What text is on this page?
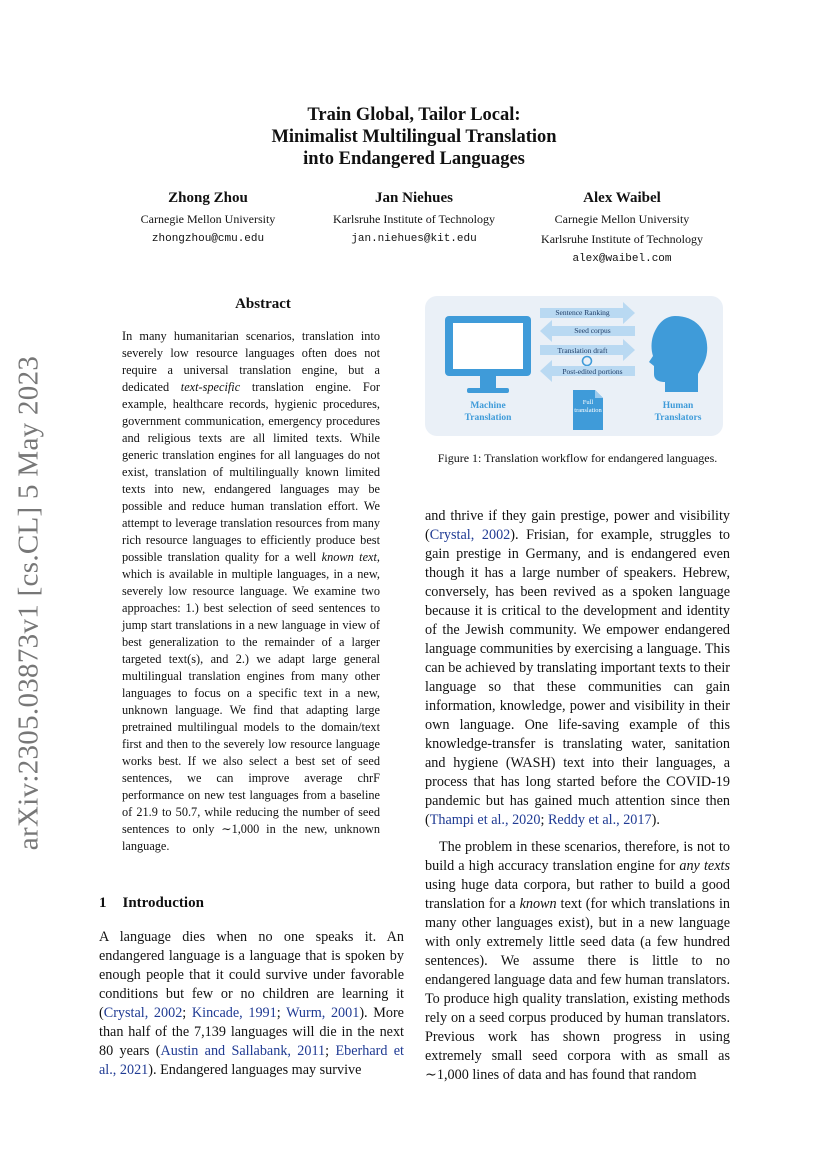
arXiv:2305.03873v1 [cs.CL] 5 May 2023
Train Global, Tailor Local:
Minimalist Multilingual Translation
into Endangered Languages
Zhong Zhou
Carnegie Mellon University
zhongzhou@cmu.edu
Jan Niehues
Karlsruhe Institute of Technology
jan.niehues@kit.edu
Alex Waibel
Carnegie Mellon University
Karlsruhe Institute of Technology
alex@waibel.com
Abstract
In many humanitarian scenarios, translation into severely low resource languages often does not require a universal translation engine, but a dedicated text-specific translation engine. For example, healthcare records, hygienic procedures, government communication, emergency procedures and religious texts are all limited texts. While generic translation engines for all languages do not exist, translation of multilingually known limited texts into new, endangered languages may be possible and reduce human translation effort. We attempt to leverage translation resources from many rich resource languages to efficiently produce best possible translation quality for a well known text, which is available in multiple languages, in a new, severely low resource language. We examine two approaches: 1.) best selection of seed sentences to jump start translations in a new language in view of best generalization to the remainder of a larger targeted text(s), and 2.) we adapt large general multilingual translation engines from many other languages to focus on a specific text in a new, unknown language. We find that adapting large pretrained multilingual models to the domain/text first and then to the severely low resource language works best. If we also select a best set of seed sentences, we can improve average chrF performance on new test languages from a baseline of 21.9 to 50.7, while reducing the number of seed sentences to only ∼1,000 in the new, unknown language.
1 Introduction
A language dies when no one speaks it. An endangered language is a language that is spoken by enough people that it could survive under favorable conditions but few or no children are learning it (Crystal, 2002; Kincade, 1991; Wurm, 2001). More than half of the 7,139 languages will die in the next 80 years (Austin and Sallabank, 2011; Eberhard et al., 2021). Endangered languages may survive
Sentence Ranking
Seed corpus
Translation draft
Post-edited portions
Machine
Translation
Human
Translators
Full
translation
Figure 1: Translation workflow for endangered languages.

and thrive if they gain prestige, power and visibility (Crystal, 2002). Frisian, for example, struggles to gain prestige in Germany, and is endangered even though it has a large number of speakers. Hebrew, conversely, has been revived as a spoken language because it is critical to the development and identity of the Jewish community. We empower endangered language communities by exercising a language. This can be achieved by translating important texts to their language so that these communities can gain information, knowledge, power and visibility in their own language. One life-saving example of this knowledge-transfer is translating water, sanitation and hygiene (WASH) text into their languages, a process that has long started before the COVID-19 pandemic but has gained much attention since then (Thampi et al., 2020; Reddy et al., 2017).

The problem in these scenarios, therefore, is not to build a high accuracy translation engine for any texts using huge data corpora, but rather to build a good translation for a known text (for which translations in many other languages exist), but in a new language with only extremely little seed data (a few hundred sentences). We assume there is little to no endangered language data and few human translators. To produce high quality translation, existing methods rely on a seed corpus produced by human translators. Previous work has shown progress in using extremely small seed corpora with as small as ∼1,000 lines of data and has found that random
